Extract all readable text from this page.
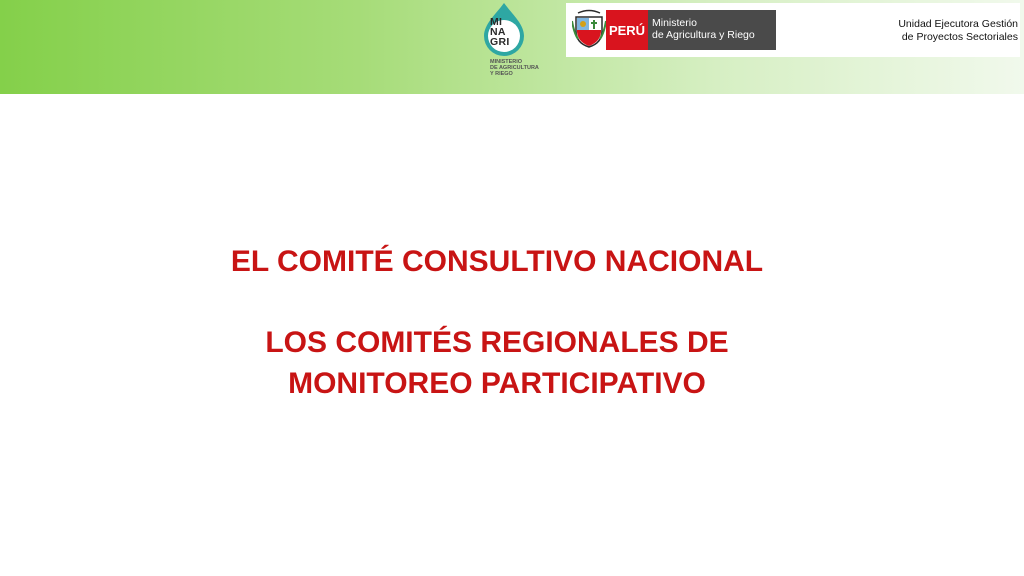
MI
NA
GRI
MINISTERIO
DE AGRICULTURA
Y RIEGO
PERÚ Ministerio
de Agricultura y Riego
Unidad Ejecutora Gestión
de Proyectos Sectoriales

EL COMITÉ CONSULTIVO NACIONAL

LOS COMITÉS REGIONALES DE

MONITOREO PARTICIPATIVO
